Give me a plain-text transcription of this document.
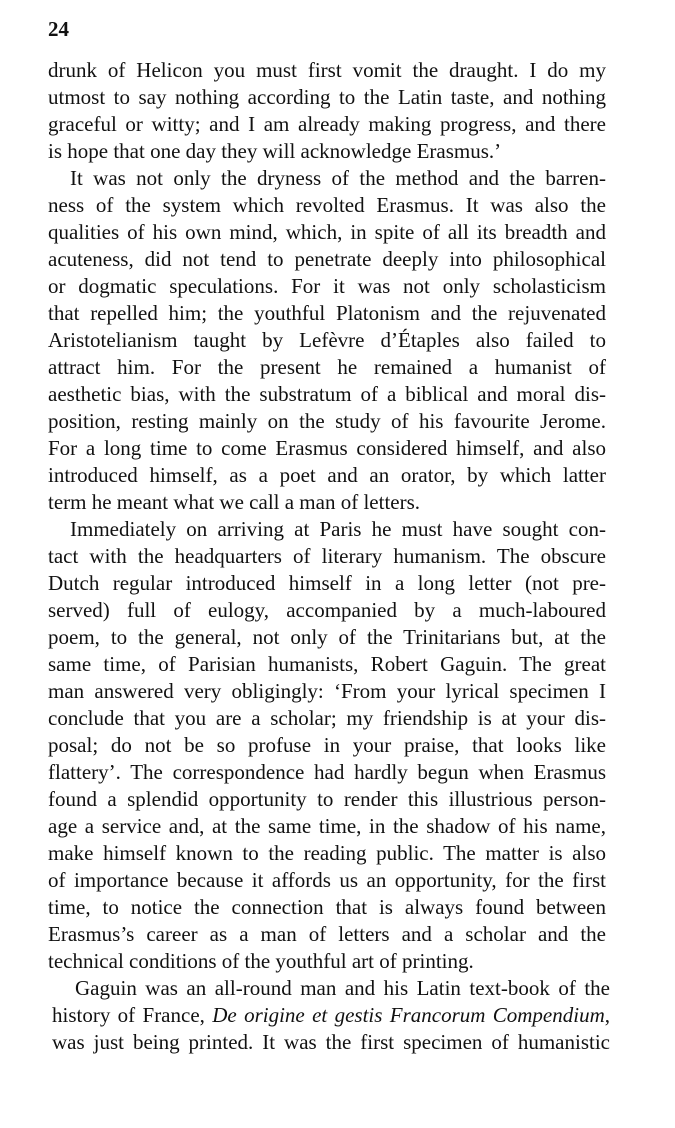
24
drunk of Helicon you must first vomit the draught. I do my
utmost to say nothing according to the Latin taste, and nothing
graceful or witty; and I am already making progress, and there
is hope that one day they will acknowledge Erasmus.’
It was not only the dryness of the method and the barren-
ness of the system which revolted Erasmus. It was also the
qualities of his own mind, which, in spite of all its breadth and
acuteness, did not tend to penetrate deeply into philosophical
or dogmatic speculations. For it was not only scholasticism
that repelled him; the youthful Platonism and the rejuvenated
Aristotelianism taught by Lefèvre d’Étaples also failed to
attract him. For the present he remained a humanist of
aesthetic bias, with the substratum of a biblical and moral dis-
position, resting mainly on the study of his favourite Jerome.
For a long time to come Erasmus considered himself, and also
introduced himself, as a poet and an orator, by which latter
term he meant what we call a man of letters.
Immediately on arriving at Paris he must have sought con-
tact with the headquarters of literary humanism. The obscure
Dutch regular introduced himself in a long letter (not pre-
served) full of eulogy, accompanied by a much-laboured
poem, to the general, not only of the Trinitarians but, at the
same time, of Parisian humanists, Robert Gaguin. The great
man answered very obligingly: ‘From your lyrical specimen I
conclude that you are a scholar; my friendship is at your dis-
posal; do not be so profuse in your praise, that looks like
flattery’. The correspondence had hardly begun when Erasmus
found a splendid opportunity to render this illustrious person-
age a service and, at the same time, in the shadow of his name,
make himself known to the reading public. The matter is also
of importance because it affords us an opportunity, for the first
time, to notice the connection that is always found between
Erasmus’s career as a man of letters and a scholar and the
technical conditions of the youthful art of printing.
Gaguin was an all-round man and his Latin text-book of the
history of France, De origine et gestis Francorum Compendium,
was just being printed. It was the first specimen of humanistic
